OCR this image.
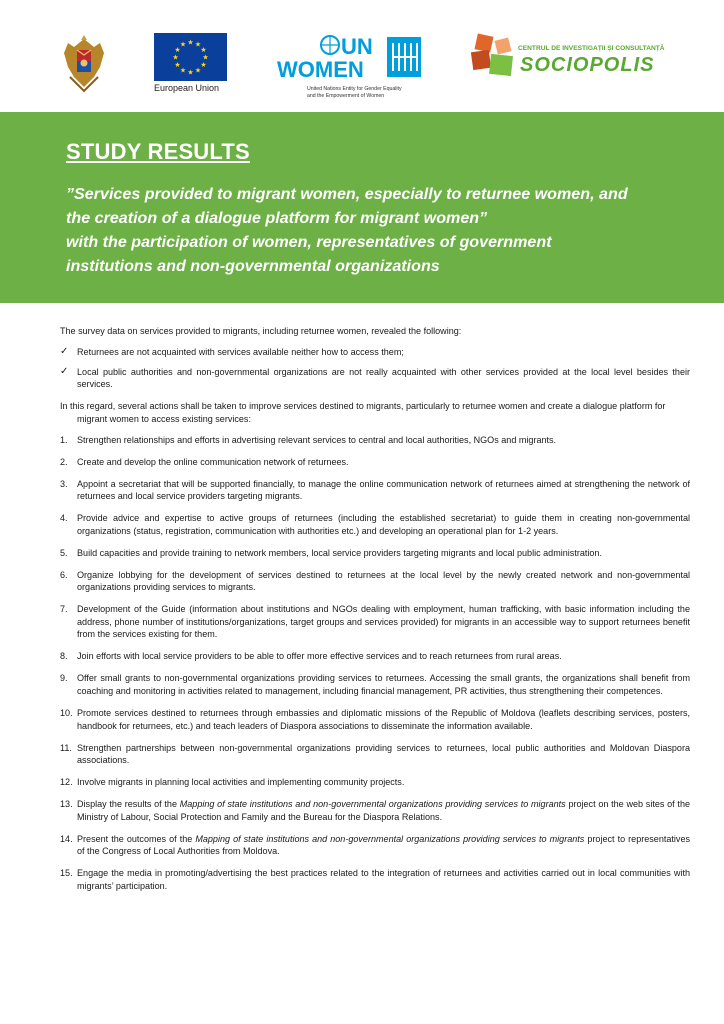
★ ★
★
★
★
★
★
★
★
★
★
★
European Union
UN
WOMEN
United Nations Entity for Gender Equality
and the Empowerment of Women
CENTRUL DE INVESTIGAȚII ȘI CONSULTANȚĂ
SOCIOPOLIS
STUDY RESULTS
”Services provided to migrant women, especially to returnee women, and
the creation of a dialogue platform for migrant women”
with the participation of women, representatives of government
institutions and non-governmental organizations

The survey data on services provided to migrants, including returnee women, revealed the following:

✓ Returnees are not acquainted with services available neither how to access them;
✓ Local public authorities and non-governmental organizations are not really acquainted with other services provided at the local level besides their services.

In this regard, several actions shall be taken to improve services destined to migrants, particularly to returnee women and create a dialogue platform for migrant women to access existing services:

1.	Strengthen relationships and efforts in advertising relevant services to central and local authorities, NGOs and migrants.
2.	Create and develop the online communication network of returnees.
3.	Appoint a secretariat that will be supported financially, to manage the online communication network of returnees aimed at strengthening the network of returnees and local service providers targeting migrants.
4.	Provide advice and expertise to active groups of returnees (including the established secretariat) to guide them in creating non-governmental organizations (status, registration, communication with authorities etc.) and developing an operational plan for 1-2 years.
5.	Build capacities and provide training to network members, local service providers targeting migrants and local public administration.
6.	Organize lobbying for the development of services destined to returnees at the local level by the newly created network and non-governmental organizations providing services to migrants.
7.	Development of the Guide (information about institutions and NGOs dealing with employment, human trafficking, with basic information including the address, phone number of institutions/organizations, target groups and services provided) for migrants in an accessible way to support returnees benefit from the services existing for them.
8.	Join efforts with local service providers to be able to offer more effective services and to reach returnees from rural areas.
9.	Offer small grants to non-governmental organizations providing services to returnees. Accessing the small grants, the organizations shall benefit from coaching and monitoring in activities related to management, including financial management, PR activities, thus strengthening their competences.
10. Promote services destined to returnees through embassies and diplomatic missions of the Republic of Moldova (leaflets describing services, posters, handbook for returnees, etc.) and teach leaders of Diaspora associations to disseminate the information available.
11. Strengthen partnerships between non-governmental organizations providing services to returnees, local public authorities and Moldovan Diaspora associations.
12. Involve migrants in planning local activities and implementing community projects.
13. Display the results of the Mapping of state institutions and non-governmental organizations providing services to migrants project on the web sites of the Ministry of Labour, Social Protection and Family and the Bureau for the Diaspora Relations.
14. Present the outcomes of the Mapping of state institutions and non-governmental organizations providing services to migrants project to representatives of the Congress of Local Authorities from Moldova.
15. Engage the media in promoting/advertising the best practices related to the integration of returnees and activities carried out in local communities with migrants’ participation.
